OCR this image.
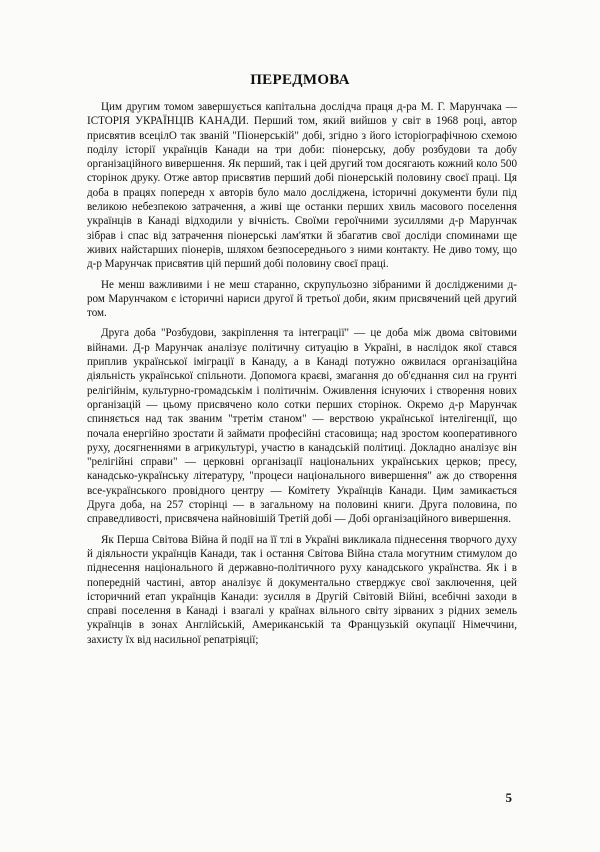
ПЕРЕДМОВА

Цим другим томом завершується капітальна дослідча праця д-ра М. Г. Марунчака — ІСТОРІЯ УКРАЇНЦІВ КАНАДИ. Перший том, який вийшов у світ в 1968 році, автор присвятив всецілО так званій "Піонерській" добі, згідно з його історіографічною схемою поділу історії українців Канади на три доби: піонерську, добу розбудови та добу організаційного вивершення. Як перший, так і цей другий том досягають кожний коло 500 сторінок друку. Отже автор присвятив перший добі піонерській половину своєї праці. Ця доба в працях попередн х авторів було мало досліджена, історичні документи були під великою небезпекою затрачення, а живі ще останки перших хвиль масового поселення українців в Канаді відходили у вічність. Своїми героїчними зусиллями д-р Марунчак зібрав і спас від затрачення піонерські лам'ятки й збагатив свої досліди споминами ще живих найстарших піонерів, шляхом безпосереднього з ними контакту. Не диво тому, що д-р Марунчак присвятив цій перший добі половину своєї праці.

Не менш важливими і не меш старанно, скрупульозно зібраними й дослідженими д-ром Марунчаком є історичні нариси другої й третьої доби, яким присвячений цей другий том.

Друга доба "Розбудови, закріплення та інтеграції" — це доба між двома світовими війнами. Д-р Марунчак аналізує політичну ситуацію в Україні, в наслідок якої стався приплив української іміграції в Канаду, а в Канаді потужно ожвилася організаційна діяльність української спільноти. Допомога краєві, змагання до об'єднання сил на грунті релігійнім, культурно-громадськім і політичнім. Оживлення існуючих і створення нових організацій — цьому присвячено коло сотки перших сторінок. Окремо д-р Марунчак спиняється над так званим "третім станом" — верствою української інтелігенції, що почала енергійно зростати й займати професійні стасовища; над зростом кооперативного руху, досягненнями в агрикультурі, участю в канадській політиці. Докладно аналізує він "релігійні справи" — церковні організації національних українських церков; пресу, канадсько-українську літературу, "процеси національного вивершення" аж до створення все-українського провідного центру — Комітету Українців Канади. Цим замикається Друга доба, на 257 сторінці — в загальному на половині книги. Друга половина, по справедливості, присвячена найновішій Третій добі — Добі організаційного вивершення.

Як Перша Світова Війна й події на її тлі в Україні викликала піднесення творчого духу й діяльности українців Канади, так і остання Світова Війна стала могутним стимулом до піднесення національного й державно-політичного руху канадського українства. Як і в попередній частині, автор аналізує й документально стверджує свої заключення, цей історичний етап українців Канади: зусилля в Другій Світовій Війні, всебічні заходи в справі поселення в Канаді і взагалі у країнах вільного світу зірваних з рідних земель українців в зонах Англійській, Американській та Французькій окупації Німеччини, захисту їх від насильної репатріяції;

5
